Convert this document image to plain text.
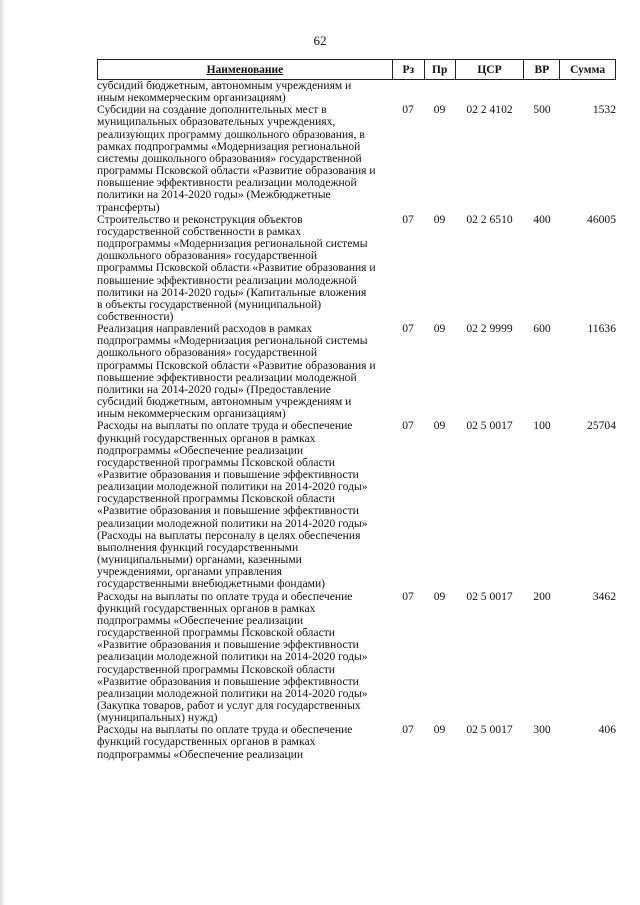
62
Наименование	Рз	Пр	ЦСР	ВР	Сумма
субсидий бюджетным, автономным учреждениям и
иным некоммерческим организациям)
Субсидии на создание дополнительных мест в
муниципальных образовательных учреждениях,
реализующих программу дошкольного образования, в
рамках подпрограммы «Модернизация региональной
системы дошкольного образования» государственной
программы Псковской области «Развитие образования и
повышение эффективности реализации молодежной
политики на 2014-2020 годы» (Межбюджетные
трансферты)
07	09	02 2 4102	500	1532
Строительство и реконструкция объектов
государственной собственности в рамках
подпрограммы «Модернизация региональной системы
дошкольного образования» государственной
программы Псковской области «Развитие образования и
повышение эффективности реализации молодежной
политики на 2014-2020 годы» (Капитальные вложения
в объекты государственной (муниципальной)
собственности)
07	09	02 2 6510	400	46005
Реализация направлений расходов в рамках
подпрограммы «Модернизация региональной системы
дошкольного образования» государственной
программы Псковской области «Развитие образования и
повышение эффективности реализации молодежной
политики на 2014-2020 годы» (Предоставление
субсидий бюджетным, автономным учреждениям и
иным некоммерческим организациям)
07	09	02 2 9999	600	11636
Расходы на выплаты по оплате труда и обеспечение
функций государственных органов в рамках
подпрограммы «Обеспечение реализации
государственной программы Псковской области
«Развитие образования и повышение эффективности
реализации молодежной политики на 2014-2020 годы»
государственной программы Псковской области
«Развитие образования и повышение эффективности
реализации молодежной политики на 2014-2020 годы»
(Расходы на выплаты персоналу в целях обеспечения
выполнения функций государственными
(муниципальными) органами, казенными
учреждениями, органами управления
государственными внебюджетными фондами)
07	09	02 5 0017	100	25704
Расходы на выплаты по оплате труда и обеспечение
функций государственных органов в рамках
подпрограммы «Обеспечение реализации
государственной программы Псковской области
«Развитие образования и повышение эффективности
реализации молодежной политики на 2014-2020 годы»
государственной программы Псковской области
«Развитие образования и повышение эффективности
реализации молодежной политики на 2014-2020 годы»
(Закупка товаров, работ и услуг для государственных
(муниципальных) нужд)
07	09	02 5 0017	200	3462
Расходы на выплаты по оплате труда и обеспечение
функций государственных органов в рамках
подпрограммы «Обеспечение реализации
07	09	02 5 0017	300	406
